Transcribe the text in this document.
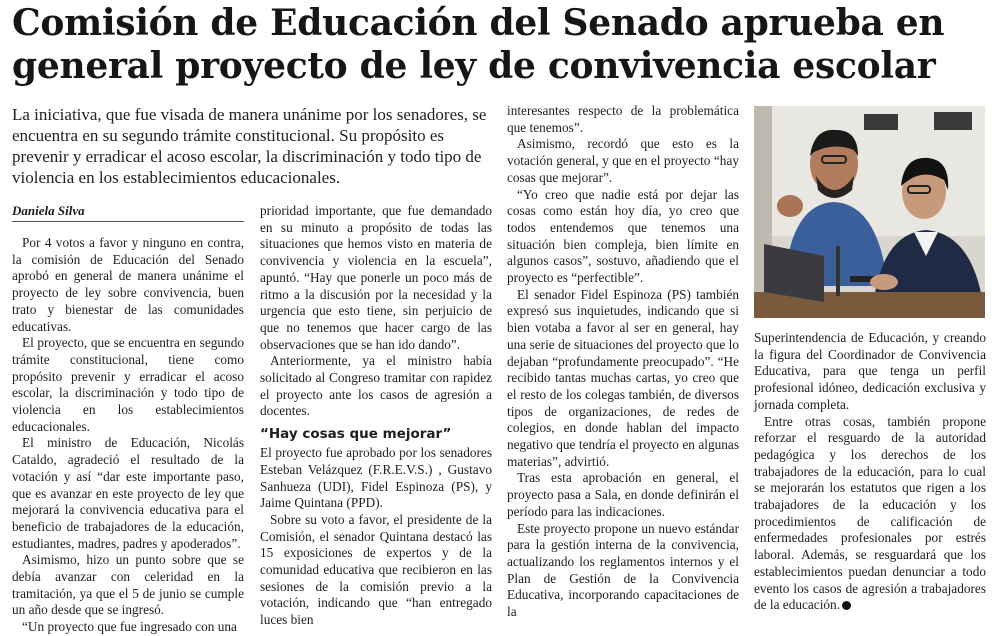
Comisión de Educación del Senado aprueba en general proyecto de ley de convivencia escolar
La iniciativa, que fue visada de manera unánime por los senadores, se encuentra en su segundo trámite constitucional. Su propósito es prevenir y erradicar el acoso escolar, la discriminación y todo tipo de violencia en los establecimientos educacionales.
Daniela Silva

Por 4 votos a favor y ninguno en contra, la comisión de Educación del Senado aprobó en general de manera unánime el proyecto de ley sobre convivencia, buen trato y bienestar de las comunidades educativas.

El proyecto, que se encuentra en segundo trámite constitucional, tiene como propósito prevenir y erradicar el acoso escolar, la discriminación y todo tipo de violencia en los establecimientos educacionales.

El ministro de Educación, Nicolás Cataldo, agradeció el resultado de la votación y así “dar este importante paso, que es avanzar en este proyecto de ley que mejorará la convivencia educativa para el beneficio de trabajadores de la educación, estudiantes, madres, padres y apoderados”.

Asimismo, hizo un punto sobre que se debía avanzar con celeridad en la tramitación, ya que el 5 de junio se cumple un año desde que se ingresó.

“Un proyecto que fue ingresado con una

prioridad importante, que fue demandado en su minuto a propósito de todas las situaciones que hemos visto en materia de convivencia y violencia en la escuela”, apuntó. “Hay que ponerle un poco más de ritmo a la discusión por la necesidad y la urgencia que esto tiene, sin perjuicio de que no tenemos que hacer cargo de las observaciones que se han ido dando”.

Anteriormente, ya el ministro había solicitado al Congreso tramitar con rapidez el proyecto ante los casos de agresión a docentes.

“Hay cosas que mejorar”

El proyecto fue aprobado por los senadores Esteban Velázquez (F.R.E.V.S.) , Gustavo Sanhueza (UDI), Fidel Espinoza (PS), y Jaime Quintana (PPD).

Sobre su voto a favor, el presidente de la Comisión, el senador Quintana destacó las 15 exposiciones de expertos y de la comunidad educativa que recibieron en las sesiones de la comisión previo a la votación, indicando que “han entregado luces bien

interesantes respecto de la problemática que tenemos”.

Asimismo, recordó que esto es la votación general, y que en el proyecto “hay cosas que mejorar”.

“Yo creo que nadie está por dejar las cosas como están hoy día, yo creo que todos entendemos que tenemos una situación bien compleja, bien límite en algunos casos”, sostuvo, añadiendo que el proyecto es “perfectible”.

El senador Fidel Espinoza (PS) también expresó sus inquietudes, indicando que si bien votaba a favor al ser en general, hay una serie de situaciones del proyecto que lo dejaban “profundamente preocupado”. “He recibido tantas muchas cartas, yo creo que el resto de los colegas también, de diversos tipos de organizaciones, de redes de colegios, en donde hablan del impacto negativo que tendría el proyecto en algunas materias”, advirtió.

Tras esta aprobación en general, el proyecto pasa a Sala, en donde definirán el período para las indicaciones.

Este proyecto propone un nuevo estándar para la gestión interna de la convivencia, actualizando los reglamentos internos y el Plan de Gestión de la Convivencia Educativa, incorporando capacitaciones de la

Superintendencia de Educación, y creando la figura del Coordinador de Convivencia Educativa, para que tenga un perfil profesional idóneo, dedicación exclusiva y jornada completa.

Entre otras cosas, también propone reforzar el resguardo de la autoridad pedagógica y los derechos de los trabajadores de la educación, para lo cual se mejorarán los estatutos que rigen a los trabajadores de la educación y los procedimientos de calificación de enfermedades profesionales por estrés laboral. Además, se resguardará que los establecimientos puedan denunciar a todo evento los casos de agresión a trabajadores de la educación.
